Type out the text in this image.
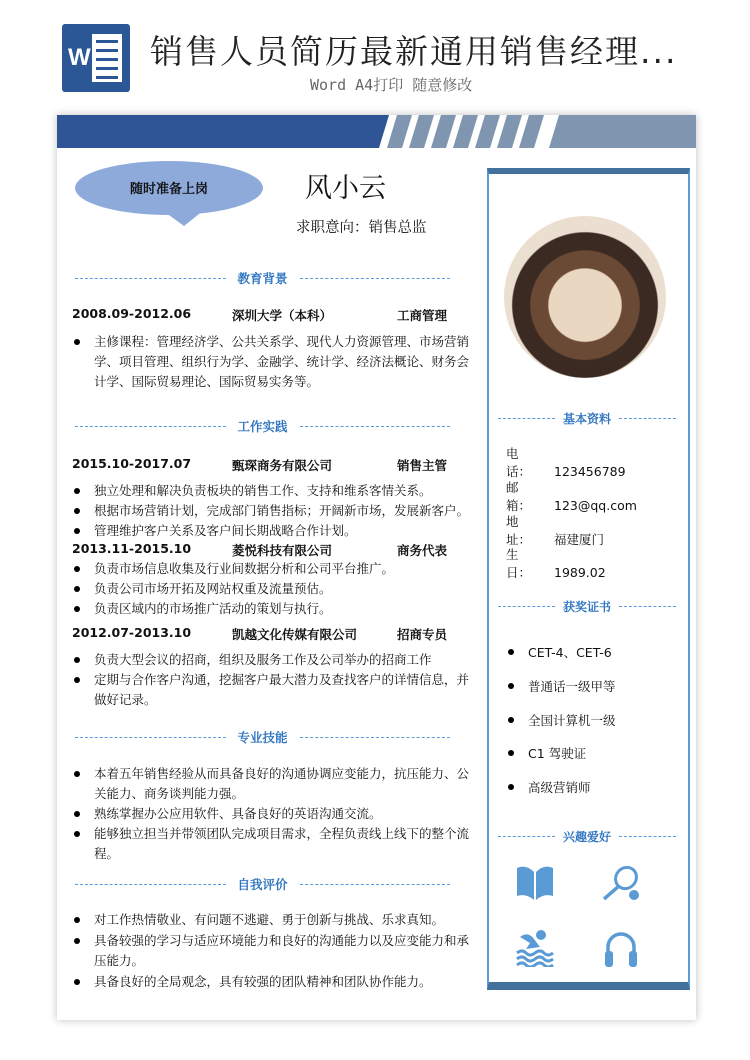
W 销售人员简历最新通用销售经理...
Word A4打印 随意修改
随时准备上岗	风小云
求职意向：销售总监
教育背景
2008.09-2012.06	深圳大学（本科）	工商管理
主修课程：管理经济学、公共关系学、现代人力资源管理、市场营销学、项目管理、组织行为学、金融学、统计学、经济法概论、财务会计学、国际贸易理论、国际贸易实务等。
工作实践
2015.10-2017.07	甄琛商务有限公司	销售主管
独立处理和解决负责板块的销售工作、支持和维系客情关系。
根据市场营销计划，完成部门销售指标；开阔新市场，发展新客户。
管理维护客户关系及客户间长期战略合作计划。
2013.11-2015.10	菱悦科技有限公司	商务代表
负责市场信息收集及行业间数据分析和公司平台推广。
负责公司市场开拓及网站权重及流量预估。
负责区域内的市场推广活动的策划与执行。
2012.07-2013.10	凯越文化传媒有限公司	招商专员
负责大型会议的招商，组织及服务工作及公司举办的招商工作
定期与合作客户沟通，挖掘客户最大潜力及查找客户的详情信息，并做好记录。
专业技能
本着五年销售经验从而具备良好的沟通协调应变能力，抗压能力、公关能力、商务谈判能力强。
熟练掌握办公应用软件、具备良好的英语沟通交流。
能够独立担当并带领团队完成项目需求，全程负责线上线下的整个流程。
自我评价
对工作热情敬业、有问题不逃避、勇于创新与挑战、乐求真知。
具备较强的学习与适应环境能力和良好的沟通能力以及应变能力和承压能力。
具备良好的全局观念，具有较强的团队精神和团队协作能力。
基本资料
电　话： 123456789
邮　箱： 123@qq.com
地　址： 福建厦门
生　日： 1989.02
获奖证书
CET-4、CET-6
普通话一级甲等
全国计算机一级
C1 驾驶证
高级营销师
兴趣爱好
